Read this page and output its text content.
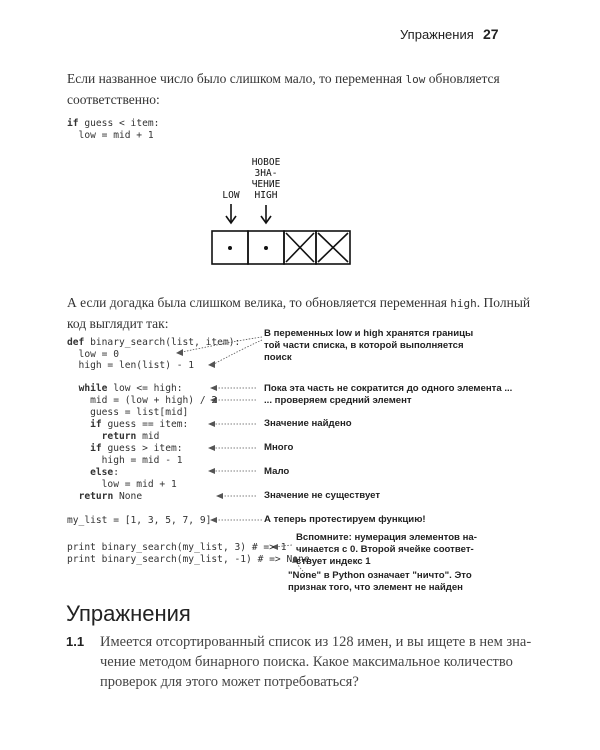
Упражнения 27
Если названное число было слишком мало, то переменная low обновляется
соответственно:
if guess < item:
low = mid + 1
НОВОЕ
ЗНА-
ЧЕНИЕ
HIGH
LOW
А если догадка была слишком велика, то обновляется переменная high. Полный
код выглядит так:
def binary_search(list, item):
low = 0
high = len(list) - 1
while low <= high:
mid = (low + high) / 2
guess = list[mid]
if guess == item:
return mid
if guess > item:
high = mid - 1
else:
low = mid + 1
return None
my_list = [1, 3, 5, 7, 9]
print binary_search(my_list, 3) # => 1
print binary_search(my_list, -1) # => None
В переменных low и high хранятся границы
той части списка, в которой выполняется
поиск
Пока эта часть не сократится до одного элемента ...
... проверяем средний элемент
Значение найдено
Много
Мало
Значение не существует
А теперь протестируем функцию!
Вспомните: нумерация элементов на-
чинается с 0. Второй ячейке соответ-
ствует индекс 1
"None" в Python означает "ничто". Это
признак того, что элемент не найден
Упражнения
1.1 Имеется отсортированный список из 128 имен, и вы ищете в нем зна-
чение методом бинарного поиска. Какое максимальное количество
проверок для этого может потребоваться?
